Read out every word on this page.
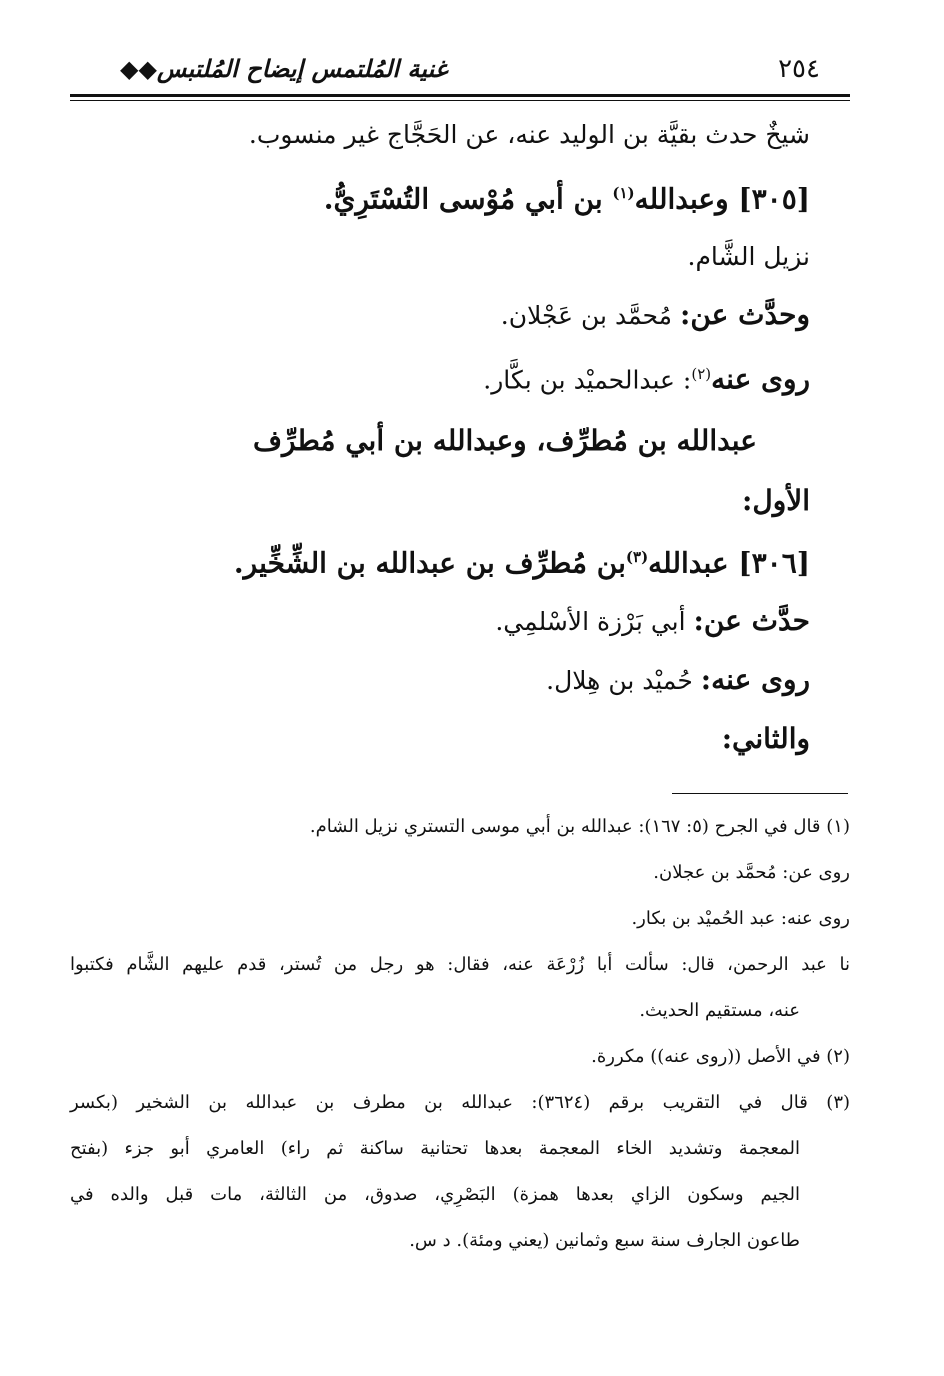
٢٥٤
غنية المُلتمس إيضاح المُلتبس◆◆
شيخٌ حدث بقيَّة بن الوليد عنه، عن الحَجَّاج غير منسوب.
[٣٠٥] وعبدالله$^{(١)}$ بن أبي مُوْسى التُسْتَرِيُّ.
نزيل الشَّام.
وحدَّث عن: مُحمَّد بن عَجْلان.
روى عنه$^{(٢)}$: عبدالحميْد بن بكَّار.
عبدالله بن مُطرِّف، وعبدالله بن أبي مُطرِّف
الأول:
[٣٠٦] عبدالله$^{(٣)}$بن مُطرِّف بن عبدالله بن الشِّخِّير.
حدَّث عن: أبي بَرْزة الأسْلمِي.
روى عنه: حُميْد بن هِلال.
والثاني:
(١) قال في الجرح (٥: ١٦٧): عبدالله بن أبي موسى التستري نزيل الشام.
روى عن: مُحمَّد بن عجلان.
روى عنه: عبد الحُميْد بن بكار.
نا عبد الرحمن، قال: سألت أبا زُرْعَة عنه، فقال: هو رجل من تُستر، قدم عليهم الشَّام فكتبوا
عنه، مستقيم الحديث.
(٢) في الأصل ((روى عنه)) مكررة.
(٣) قال في التقريب برقم (٣٦٢٤): عبدالله بن مطرف بن عبدالله بن الشخير (بكسر
المعجمة وتشديد الخاء المعجمة بعدها تحتانية ساكنة ثم راء) العامري أبو جزء (بفتح
الجيم وسكون الزاي بعدها همزة) البَصْرِي، صدوق، من الثالثة، مات قبل والده في
طاعون الجارف سنة سبع وثمانين (يعني ومئة). د س.
